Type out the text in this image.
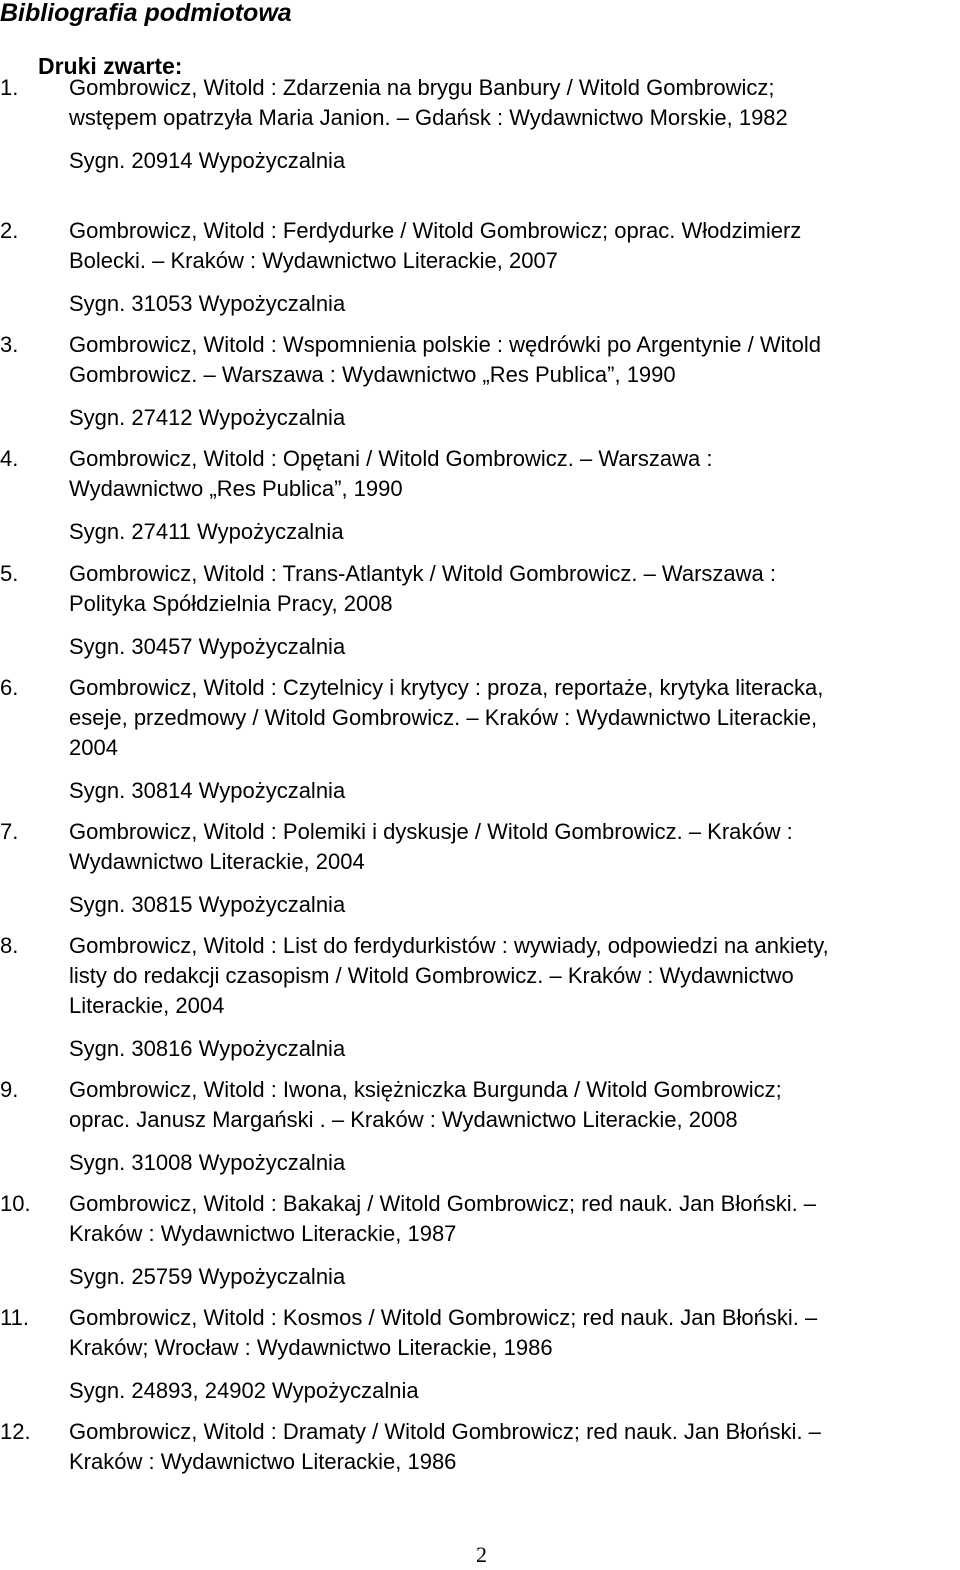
Bibliografia podmiotowa
Druki zwarte:
1. Gombrowicz, Witold : Zdarzenia na brygu Banbury / Witold Gombrowicz;
wstępem opatrzyła Maria Janion. – Gdańsk : Wydawnictwo Morskie, 1982
Sygn. 20914 Wypożyczalnia
2. Gombrowicz, Witold : Ferdydurke / Witold Gombrowicz; oprac. Włodzimierz
Bolecki. – Kraków : Wydawnictwo Literackie, 2007
Sygn. 31053 Wypożyczalnia
3. Gombrowicz, Witold : Wspomnienia polskie : wędrówki po Argentynie / Witold
Gombrowicz. – Warszawa : Wydawnictwo „Res Publica”, 1990
Sygn. 27412 Wypożyczalnia
4. Gombrowicz, Witold : Opętani / Witold Gombrowicz. – Warszawa :
Wydawnictwo „Res Publica”, 1990
Sygn. 27411 Wypożyczalnia
5. Gombrowicz, Witold : Trans-Atlantyk / Witold Gombrowicz. – Warszawa :
Polityka Spółdzielnia Pracy, 2008
Sygn. 30457 Wypożyczalnia
6. Gombrowicz, Witold : Czytelnicy i krytycy : proza, reportaże, krytyka literacka,
eseje, przedmowy / Witold Gombrowicz. – Kraków : Wydawnictwo Literackie,
2004
Sygn. 30814 Wypożyczalnia
7. Gombrowicz, Witold : Polemiki i dyskusje / Witold Gombrowicz. – Kraków :
Wydawnictwo Literackie, 2004
Sygn. 30815 Wypożyczalnia
8. Gombrowicz, Witold : List do ferdydurkistów : wywiady, odpowiedzi na ankiety,
listy do redakcji czasopism / Witold Gombrowicz. – Kraków : Wydawnictwo
Literackie, 2004
Sygn. 30816 Wypożyczalnia
9. Gombrowicz, Witold : Iwona, księżniczka Burgunda / Witold Gombrowicz;
oprac. Janusz Margański . – Kraków : Wydawnictwo Literackie, 2008
Sygn. 31008 Wypożyczalnia
10. Gombrowicz, Witold : Bakakaj / Witold Gombrowicz; red nauk. Jan Błoński. –
Kraków : Wydawnictwo Literackie, 1987
Sygn. 25759 Wypożyczalnia
11. Gombrowicz, Witold : Kosmos / Witold Gombrowicz; red nauk. Jan Błoński. –
Kraków; Wrocław : Wydawnictwo Literackie, 1986
Sygn. 24893, 24902 Wypożyczalnia
12. Gombrowicz, Witold : Dramaty / Witold Gombrowicz; red nauk. Jan Błoński. –
Kraków : Wydawnictwo Literackie, 1986
2
